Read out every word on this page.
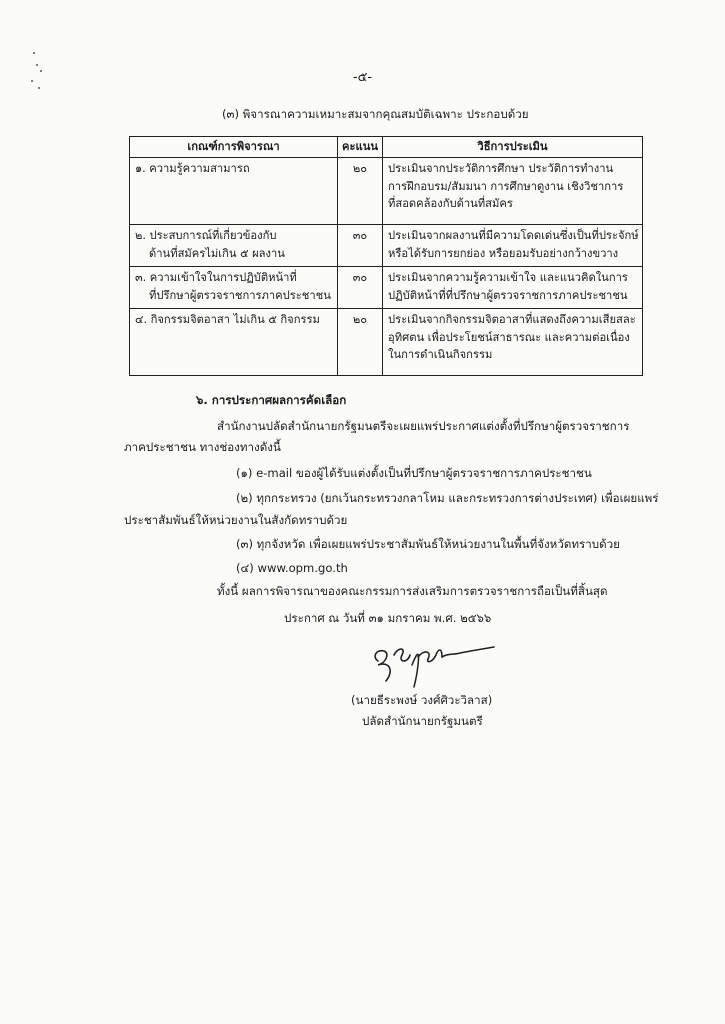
-๕-
(๓) พิจารณาความเหมาะสมจากคุณสมบัติเฉพาะ ประกอบด้วย
เกณฑ์การพิจารณา	คะแนน	วิธีการประเมิน

๑. ความรู้ความสามารถ	๒๐	ประเมินจากประวัติการศึกษา ประวัติการทำงาน
การฝึกอบรม/สัมมนา การศึกษาดูงาน เชิงวิชาการ
ที่สอดคล้องกับด้านที่สมัคร

๒. ประสบการณ์ที่เกี่ยวข้องกับ
ด้านที่สมัครไม่เกิน ๕ ผลงาน	๓๐	ประเมินจากผลงานที่มีความโดดเด่นซึ่งเป็นที่ประจักษ์
หรือได้รับการยกย่อง หรือยอมรับอย่างกว้างขวาง

๓. ความเข้าใจในการปฏิบัติหน้าที่
ที่ปรึกษาผู้ตรวจราชการภาคประชาชน	๓๐	ประเมินจากความรู้ความเข้าใจ และแนวคิดในการ
ปฏิบัติหน้าที่ที่ปรึกษาผู้ตรวจราชการภาคประชาชน

๔. กิจกรรมจิตอาสา ไม่เกิน ๕ กิจกรรม	๒๐	ประเมินจากกิจกรรมจิตอาสาที่แสดงถึงความเสียสละ
อุทิศตน เพื่อประโยชน์สาธารณะ และความต่อเนื่อง
ในการดำเนินกิจกรรม
๖. การประกาศผลการคัดเลือก
สำนักงานปลัดสำนักนายกรัฐมนตรีจะเผยแพร่ประกาศแต่งตั้งที่ปรึกษาผู้ตรวจราชการ
ภาคประชาชน ทางช่องทางดังนี้
(๑) e-mail ของผู้ได้รับแต่งตั้งเป็นที่ปรึกษาผู้ตรวจราชการภาคประชาชน
(๒) ทุกกระทรวง (ยกเว้นกระทรวงกลาโหม และกระทรวงการต่างประเทศ) เพื่อเผยแพร่
ประชาสัมพันธ์ให้หน่วยงานในสังกัดทราบด้วย
(๓) ทุกจังหวัด เพื่อเผยแพร่ประชาสัมพันธ์ให้หน่วยงานในพื้นที่จังหวัดทราบด้วย
(๔) www.opm.go.th
ทั้งนี้ ผลการพิจารณาของคณะกรรมการส่งเสริมการตรวจราชการถือเป็นที่สิ้นสุด
ประกาศ ณ วันที่ ๓๑ มกราคม พ.ศ. ๒๕๖๖
(นายธีระพงษ์ วงศ์ศิวะวิลาส)
ปลัดสำนักนายกรัฐมนตรี
